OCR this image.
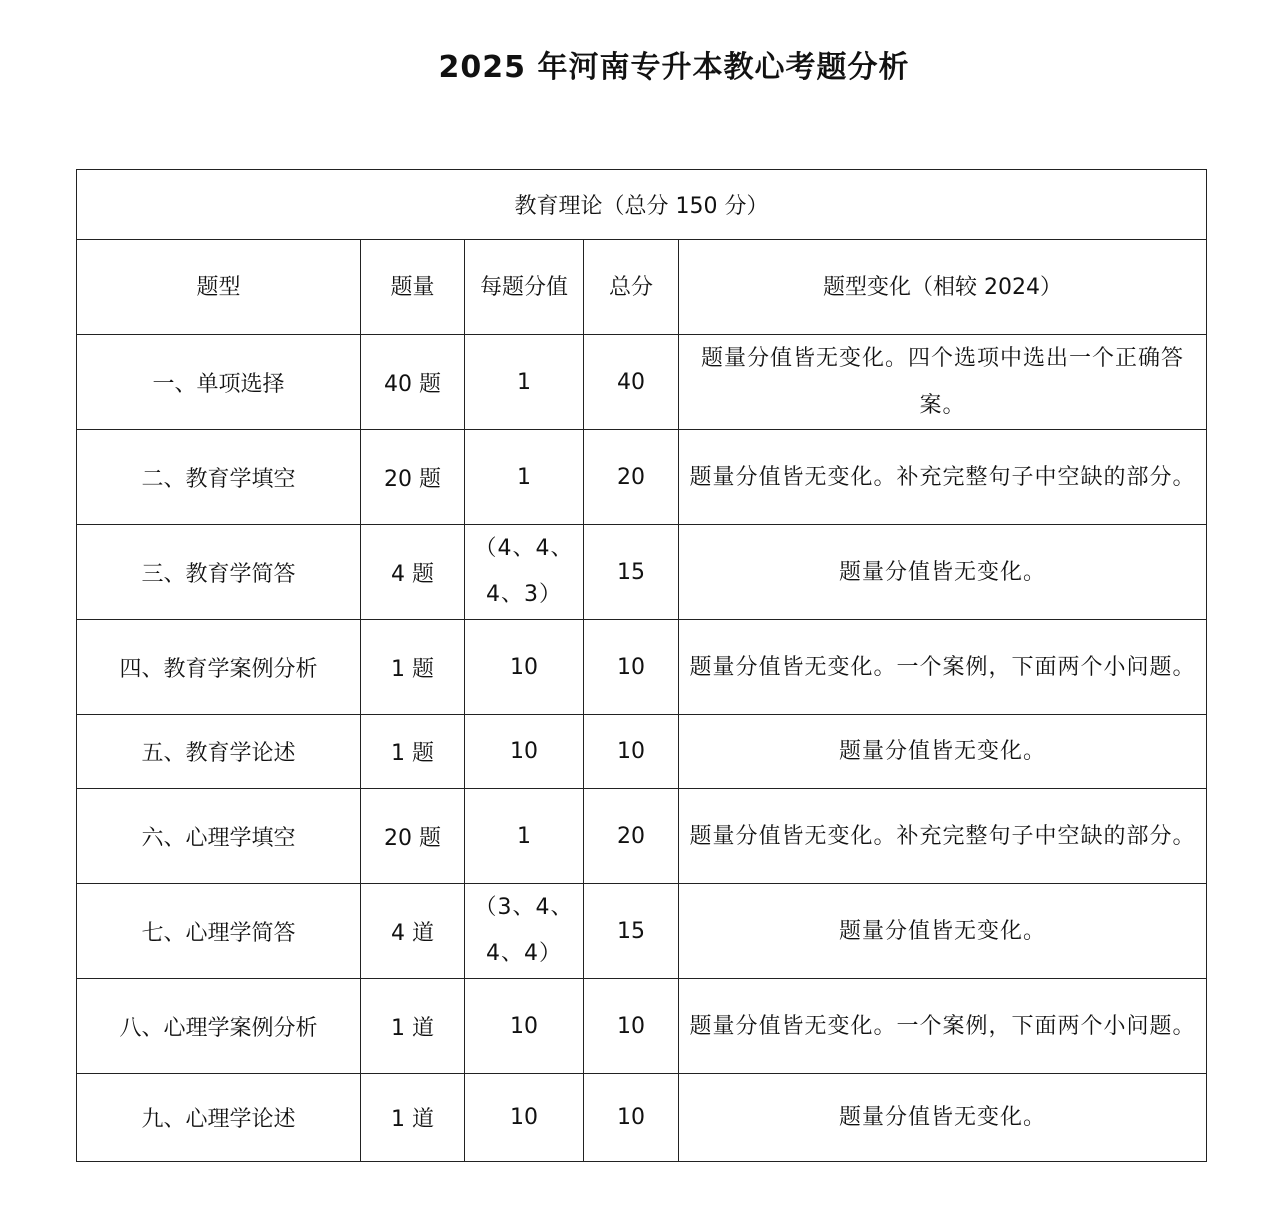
2025 年河南专升本教心考题分析
教育理论（总分 150 分）				
题型	题量	每题分值	总分	题型变化（相较 2024）
一、单项选择	40 题	1	40	题量分值皆无变化。四个选项中选出一个正确答案。
二、教育学填空	20 题	1	20	题量分值皆无变化。补充完整句子中空缺的部分。
三、教育学简答	4 题	（4、4、4、3）	15	题量分值皆无变化。
四、教育学案例分析	1 题	10	10	题量分值皆无变化。一个案例，下面两个小问题。
五、教育学论述	1 题	10	10	题量分值皆无变化。
六、心理学填空	20 题	1	20	题量分值皆无变化。补充完整句子中空缺的部分。
七、心理学简答	4 道	（3、4、4、4）	15	题量分值皆无变化。
八、心理学案例分析	1 道	10	10	题量分值皆无变化。一个案例，下面两个小问题。
九、心理学论述	1 道	10	10	题量分值皆无变化。
